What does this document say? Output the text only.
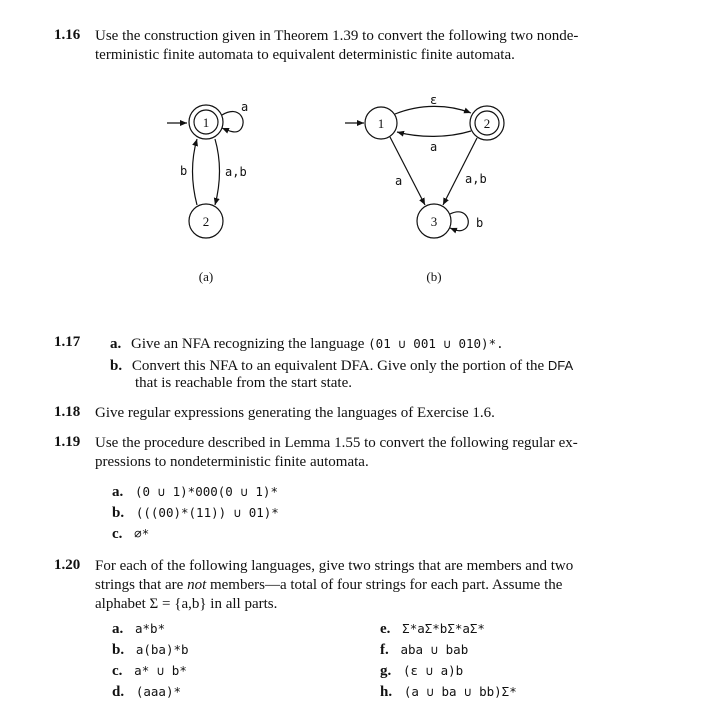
1.16 Use the construction given in Theorem 1.39 to convert the following two nonde-
terministic finite automata to equivalent deterministic finite automata.
1
a
2
b	a,b
(a)
1	2
3
ε
a
a	a,b
b
(b)
1.17 a. Give an NFA recognizing the language (01 ∪ 001 ∪ 010)*.
b. Convert this NFA to an equivalent DFA. Give only the portion of the DFA
that is reachable from the start state.
1.18 Give regular expressions generating the languages of Exercise 1.6.
1.19 Use the procedure described in Lemma 1.55 to convert the following regular ex-
pressions to nondeterministic finite automata.
a. (0 ∪ 1)*000(0 ∪ 1)*
b. (((00)*(11)) ∪ 01)*
c. ∅*
1.20 For each of the following languages, give two strings that are members and two
strings that are not members—a total of four strings for each part. Assume the
alphabet Σ = {a,b} in all parts.
a. a*b*
b. a(ba)*b
c. a* ∪ b*
d. (aaa)*
e. Σ*aΣ*bΣ*aΣ*
f. aba ∪ bab
g. (ε ∪ a)b
h. (a ∪ ba ∪ bb)Σ*
